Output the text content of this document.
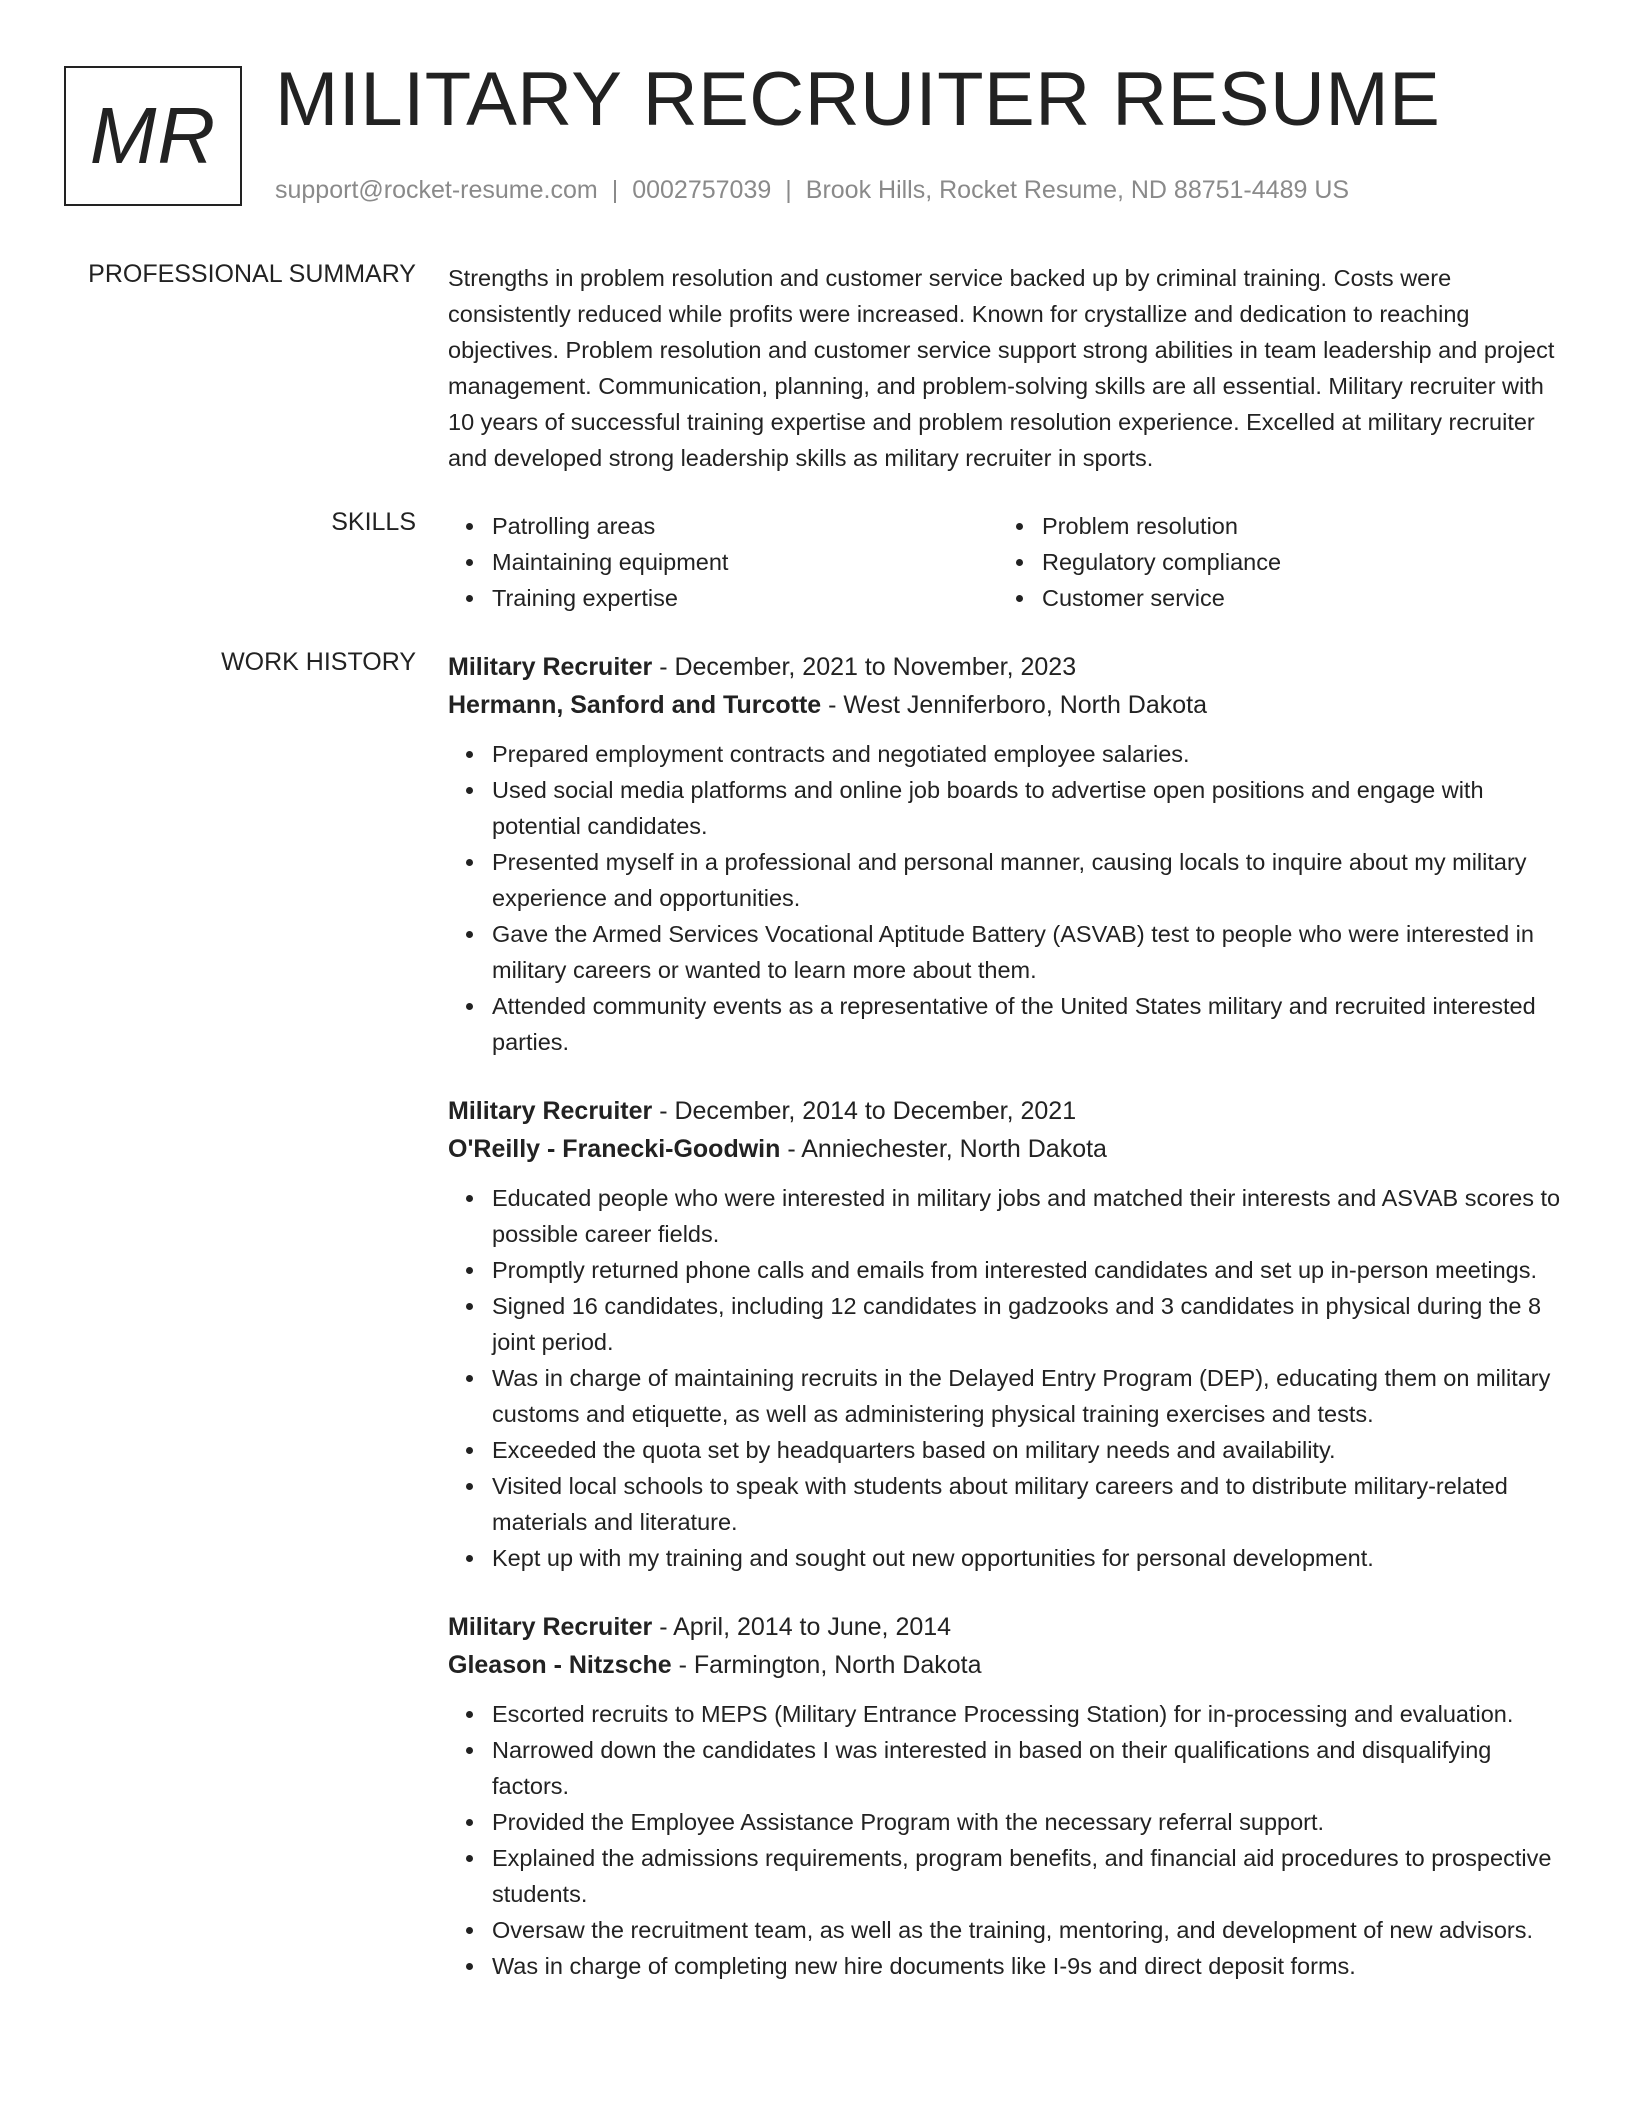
MR MILITARY RECRUITER RESUME
support@rocket-resume.com | 0002757039 | Brook Hills, Rocket Resume, ND 88751-4489 US
PROFESSIONAL SUMMARY Strengths in problem resolution and customer service backed up by criminal training. Costs were consistently reduced while profits were increased. Known for crystallize and dedication to reaching objectives. Problem resolution and customer service support strong abilities in team leadership and project management. Communication, planning, and problem-solving skills are all essential. Military recruiter with 10 years of successful training expertise and problem resolution experience. Excelled at military recruiter and developed strong leadership skills as military recruiter in sports.

SKILLS	Patrolling areas
Maintaining equipment
Training expertise
Problem resolution
Regulatory compliance
Customer service
WORK HISTORY Military Recruiter - December, 2021 to November, 2023
Hermann, Sanford and Turcotte - West Jenniferboro, North Dakota
Prepared employment contracts and negotiated employee salaries.
Used social media platforms and online job boards to advertise open positions and engage with potential candidates.
Presented myself in a professional and personal manner, causing locals to inquire about my military experience and opportunities.
Gave the Armed Services Vocational Aptitude Battery (ASVAB) test to people who were interested in military careers or wanted to learn more about them.
Attended community events as a representative of the United States military and recruited interested parties.
Military Recruiter - December, 2014 to December, 2021
O'Reilly - Franecki-Goodwin - Anniechester, North Dakota
Educated people who were interested in military jobs and matched their interests and ASVAB scores to possible career fields.
Promptly returned phone calls and emails from interested candidates and set up in-person meetings.
Signed 16 candidates, including 12 candidates in gadzooks and 3 candidates in physical during the 8 joint period.
Was in charge of maintaining recruits in the Delayed Entry Program (DEP), educating them on military customs and etiquette, as well as administering physical training exercises and tests.
Exceeded the quota set by headquarters based on military needs and availability.
Visited local schools to speak with students about military careers and to distribute military-related materials and literature.
Kept up with my training and sought out new opportunities for personal development.
Military Recruiter - April, 2014 to June, 2014
Gleason - Nitzsche - Farmington, North Dakota
Escorted recruits to MEPS (Military Entrance Processing Station) for in-processing and evaluation.
Narrowed down the candidates I was interested in based on their qualifications and disqualifying factors.
Provided the Employee Assistance Program with the necessary referral support.
Explained the admissions requirements, program benefits, and financial aid procedures to prospective students.
Oversaw the recruitment team, as well as the training, mentoring, and development of new advisors.
Was in charge of completing new hire documents like I-9s and direct deposit forms.
